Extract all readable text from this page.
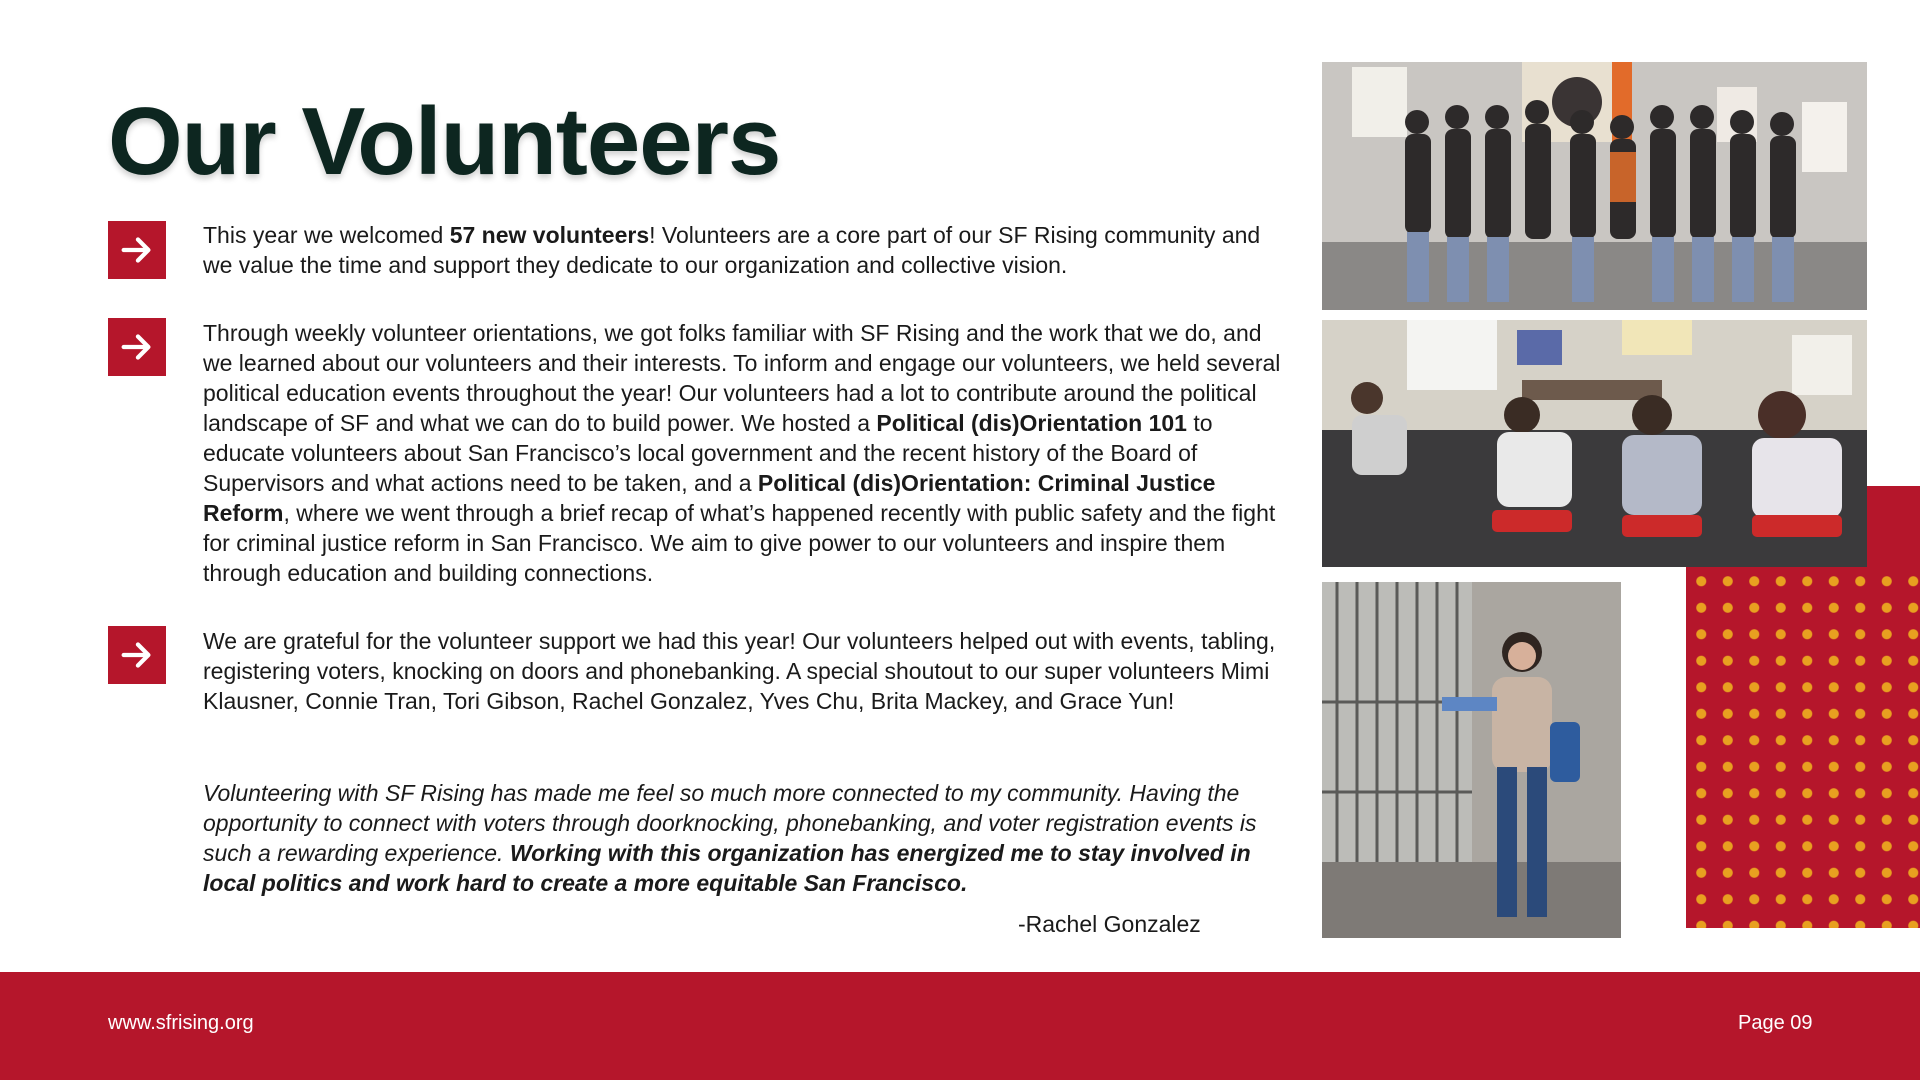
Our Volunteers

This year we welcomed 57 new volunteers! Volunteers are a core part of our SF Rising community and we value the time and support they dedicate to our organization and collective vision.

Through weekly volunteer orientations, we got folks familiar with SF Rising and the work that we do, and we learned about our volunteers and their interests. To inform and engage our volunteers, we held several political education events throughout the year! Our volunteers had a lot to contribute around the political landscape of SF and what we can do to build power. We hosted a Political (dis)Orientation 101 to educate volunteers about San Francisco’s local government and the recent history of the Board of Supervisors and what actions need to be taken, and a Political (dis)Orientation: Criminal Justice Reform, where we went through a brief recap of what’s happened recently with public safety and the fight for criminal justice reform in San Francisco. We aim to give power to our volunteers and inspire them through education and building connections.

We are grateful for the volunteer support we had this year! Our volunteers helped out with events, tabling, registering voters, knocking on doors and phonebanking. A special shoutout to our super volunteers Mimi Klausner, Connie Tran, Tori Gibson, Rachel Gonzalez, Yves Chu, Brita Mackey, and Grace Yun!

Volunteering with SF Rising has made me feel so much more connected to my community. Having the opportunity to connect with voters through doorknocking, phonebanking, and voter registration events is such a rewarding experience. Working with this organization has energized me to stay involved in local politics and work hard to create a more equitable San Francisco.

-Rachel Gonzalez

www.sfrising.org	Page 09
